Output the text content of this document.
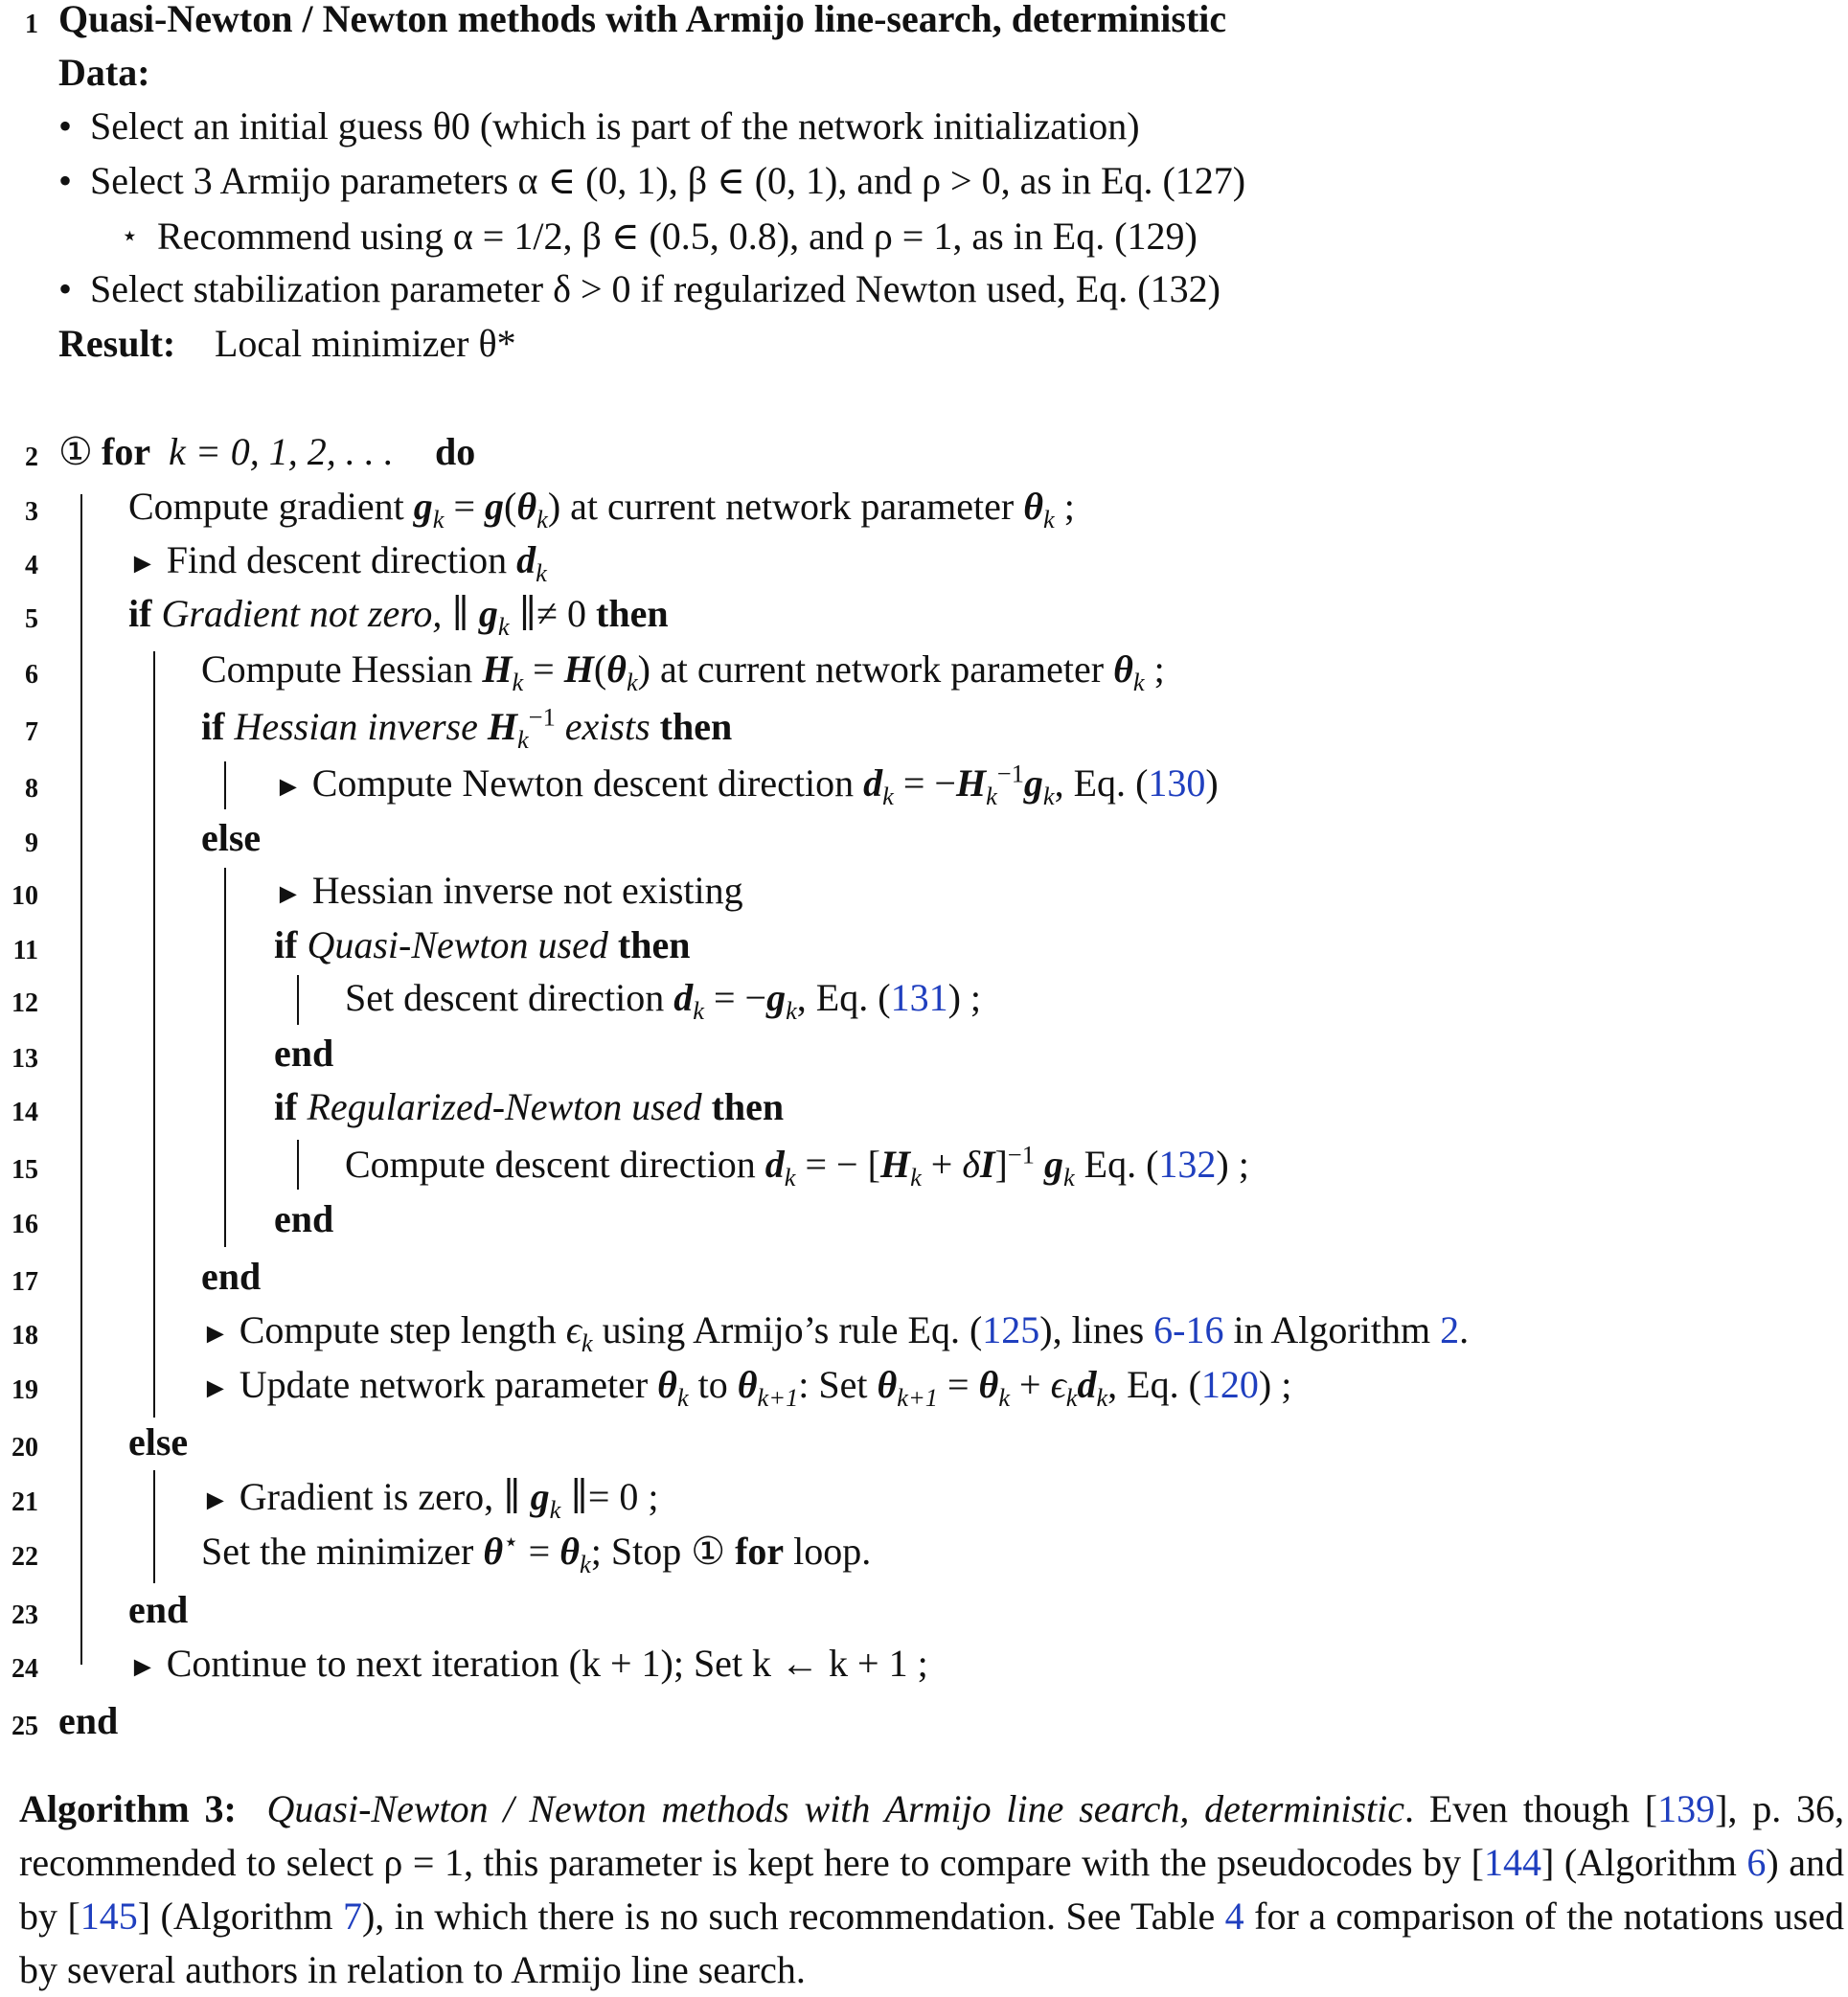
1 Quasi-Newton / Newton methods with Armijo line-search, deterministic
Data:
• Select an initial guess θ0 (which is part of the network initialization)
• Select 3 Armijo parameters α ∈ (0, 1), β ∈ (0, 1), and ρ > 0, as in Eq. (127)
⋆ Recommend using α = 1/2, β ∈ (0.5, 0.8), and ρ = 1, as in Eq. (129)
• Select stabilization parameter δ > 0 if regularized Newton used, Eq. (132)
Result: Local minimizer θ*
2 ① for k = 0, 1, 2, . . . do
3 Compute gradient $g_k = g(\theta_k)$ at current network parameter $\theta_k$ ;
4	► Find descent direction $d_k$
5 if Gradient not zero, ∥ $g_k$ ∥≠ 0 then
6	Compute Hessian $H_k = H(\theta_k)$ at current network parameter $\theta_k$ ;
7	if Hessian inverse $H_k^{-1}$ exists then
8	► Compute Newton descent direction $d_k = -H_k^{-1}g_k$, Eq. (130)
9	else
10	► Hessian inverse not existing
11	if Quasi-Newton used then
12	Set descent direction $d_k = -g_k$, Eq. (131) ;
13	end
14	if Regularized-Newton used then
15	Compute descent direction $d_k$ = − $[H_k + \delta I]^{-1}$ $g_k$ Eq. (132) ;
16	end
17	end
18	► Compute step length $\epsilon_k$ using Armijo’s rule Eq. (125), lines 6-16 in Algorithm 2.
19	► Update network parameter $\theta_k$ to $\theta_{k+1}$: Set $\theta_{k+1} = \theta_k + \epsilon_kd_k$, Eq. (120) ;
20 else
21	► Gradient is zero, ∥ $g_k$ ∥= 0 ;
22	Set the minimizer $\theta^⋆ = \theta_k$; Stop ① for loop.
23 end
24	► Continue to next iteration (k + 1); Set k ← k + 1 ;
25 end
Algorithm 3: Quasi-Newton / Newton methods with Armijo line search, deterministic. Even though [139], p. 36, recommended to select ρ = 1, this parameter is kept here to compare with the pseudocodes by [144] (Algorithm 6) and by [145] (Algorithm 7), in which there is no such recommendation. See Table 4 for a comparison of the notations used by several authors in relation to Armijo line search.
